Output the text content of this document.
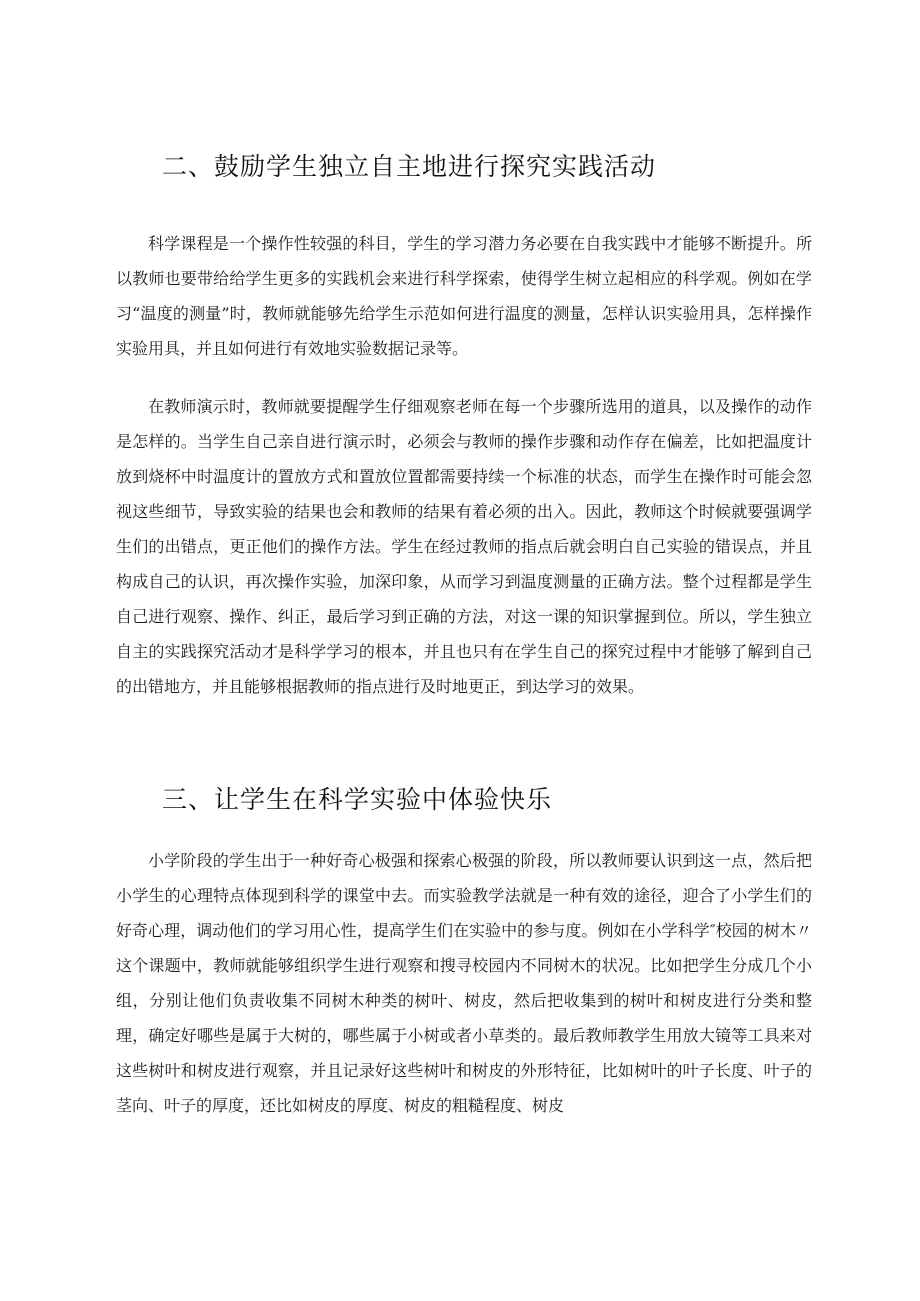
二、鼓励学生独立自主地进行探究实践活动

科学课程是一个操作性较强的科目，学生的学习潜力务必要在自我实践中才能够不断提升。所以教师也要带给给学生更多的实践机会来进行科学探索，使得学生树立起相应的科学观。例如在学习“温度的测量”时，教师就能够先给学生示范如何进行温度的测量，怎样认识实验用具，怎样操作实验用具，并且如何进行有效地实验数据记录等。

在教师演示时，教师就要提醒学生仔细观察老师在每一个步骤所选用的道具，以及操作的动作是怎样的。当学生自己亲自进行演示时，必须会与教师的操作步骤和动作存在偏差，比如把温度计放到烧杯中时温度计的置放方式和置放位置都需要持续一个标准的状态，而学生在操作时可能会忽视这些细节，导致实验的结果也会和教师的结果有着必须的出入。因此，教师这个时候就要强调学生们的出错点，更正他们的操作方法。学生在经过教师的指点后就会明白自己实验的错误点，并且构成自己的认识，再次操作实验，加深印象，从而学习到温度测量的正确方法。整个过程都是学生自己进行观察、操作、纠正，最后学习到正确的方法，对这一课的知识掌握到位。所以，学生独立自主的实践探究活动才是科学学习的根本，并且也只有在学生自己的探究过程中才能够了解到自己的出错地方，并且能够根据教师的指点进行及时地更正，到达学习的效果。

三、让学生在科学实验中体验快乐

小学阶段的学生出于一种好奇心极强和探索心极强的阶段，所以教师要认识到这一点，然后把小学生的心理特点体现到科学的课堂中去。而实验教学法就是一种有效的途径，迎合了小学生们的好奇心理，调动他们的学习用心性，提高学生们在实验中的参与度。例如在小学科学″校园的树木〃这个课题中，教师就能够组织学生进行观察和搜寻校园内不同树木的状况。比如把学生分成几个小组，分别让他们负责收集不同树木种类的树叶、树皮，然后把收集到的树叶和树皮进行分类和整理，确定好哪些是属于大树的，哪些属于小树或者小草类的。最后教师教学生用放大镜等工具来对这些树叶和树皮进行观察，并且记录好这些树叶和树皮的外形特征，比如树叶的叶子长度、叶子的茎向、叶子的厚度，还比如树皮的厚度、树皮的粗糙程度、树皮
